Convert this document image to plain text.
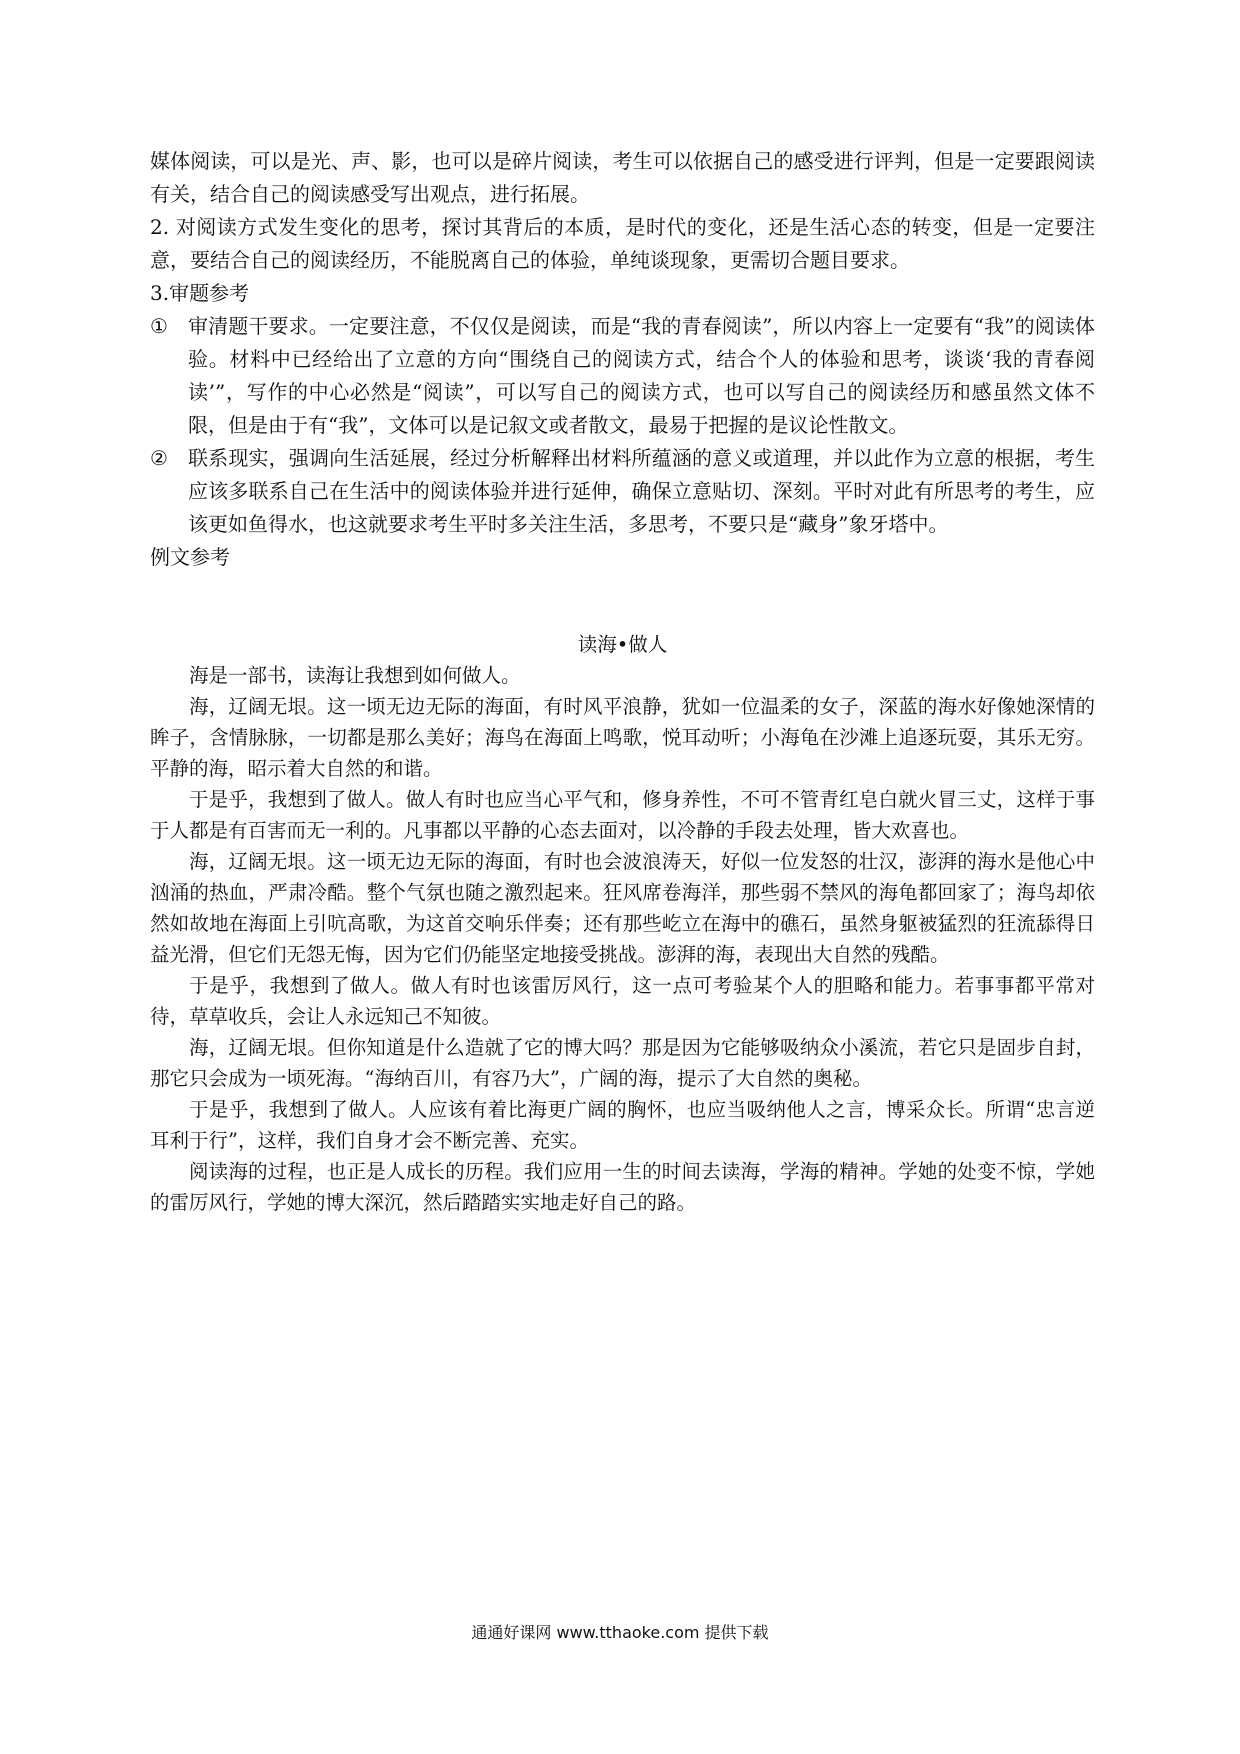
媒体阅读，可以是光、声、影，也可以是碎片阅读，考生可以依据自己的感受进行评判，但是一定要跟阅读有关，结合自己的阅读感受写出观点，进行拓展。

2. 对阅读方式发生变化的思考，探讨其背后的本质，是时代的变化，还是生活心态的转变，但是一定要注意，要结合自己的阅读经历，不能脱离自己的体验，单纯谈现象，更需切合题目要求。

3.审题参考

① 审清题干要求。一定要注意，不仅仅是阅读，而是“我的青春阅读”，所以内容上一定要有“我”的阅读体验。材料中已经给出了立意的方向“围绕自己的阅读方式，结合个人的体验和思考，谈谈‘我的青春阅读’”，写作的中心必然是“阅读”，可以写自己的阅读方式，也可以写自己的阅读经历和感虽然文体不限，但是由于有“我”，文体可以是记叙文或者散文，最易于把握的是议论性散文。
② 联系现实，强调向生活延展，经过分析解释出材料所蕴涵的意义或道理，并以此作为立意的根据，考生应该多联系自己在生活中的阅读体验并进行延伸，确保立意贴切、深刻。平时对此有所思考的考生，应该更如鱼得水，也这就要求考生平时多关注生活，多思考，不要只是“藏身”象牙塔中。

例文参考

读海•做人

海是一部书，读海让我想到如何做人。

海，辽阔无垠。这一顷无边无际的海面，有时风平浪静，犹如一位温柔的女子，深蓝的海水好像她深情的眸子，含情脉脉，一切都是那么美好；海鸟在海面上鸣歌，悦耳动听；小海龟在沙滩上追逐玩耍，其乐无穷。平静的海，昭示着大自然的和谐。

于是乎，我想到了做人。做人有时也应当心平气和，修身养性，不可不管青红皂白就火冒三丈，这样于事于人都是有百害而无一利的。凡事都以平静的心态去面对，以冷静的手段去处理，皆大欢喜也。

海，辽阔无垠。这一顷无边无际的海面，有时也会波浪涛天，好似一位发怒的壮汉，澎湃的海水是他心中汹涌的热血，严肃冷酷。整个气氛也随之激烈起来。狂风席卷海洋，那些弱不禁风的海龟都回家了；海鸟却依然如故地在海面上引吭高歌，为这首交响乐伴奏；还有那些屹立在海中的礁石，虽然身躯被猛烈的狂流舔得日益光滑，但它们无怨无悔，因为它们仍能坚定地接受挑战。澎湃的海，表现出大自然的残酷。

于是乎，我想到了做人。做人有时也该雷厉风行，这一点可考验某个人的胆略和能力。若事事都平常对待，草草收兵，会让人永远知己不知彼。

海，辽阔无垠。但你知道是什么造就了它的博大吗？那是因为它能够吸纳众小溪流，若它只是固步自封，那它只会成为一顷死海。“海纳百川，有容乃大”，广阔的海，提示了大自然的奥秘。

于是乎，我想到了做人。人应该有着比海更广阔的胸怀，也应当吸纳他人之言，博采众长。所谓“忠言逆耳利于行”，这样，我们自身才会不断完善、充实。

阅读海的过程，也正是人成长的历程。我们应用一生的时间去读海，学海的精神。学她的处变不惊，学她的雷厉风行，学她的博大深沉，然后踏踏实实地走好自己的路。

通通好课网 www.tthaoke.com 提供下载
